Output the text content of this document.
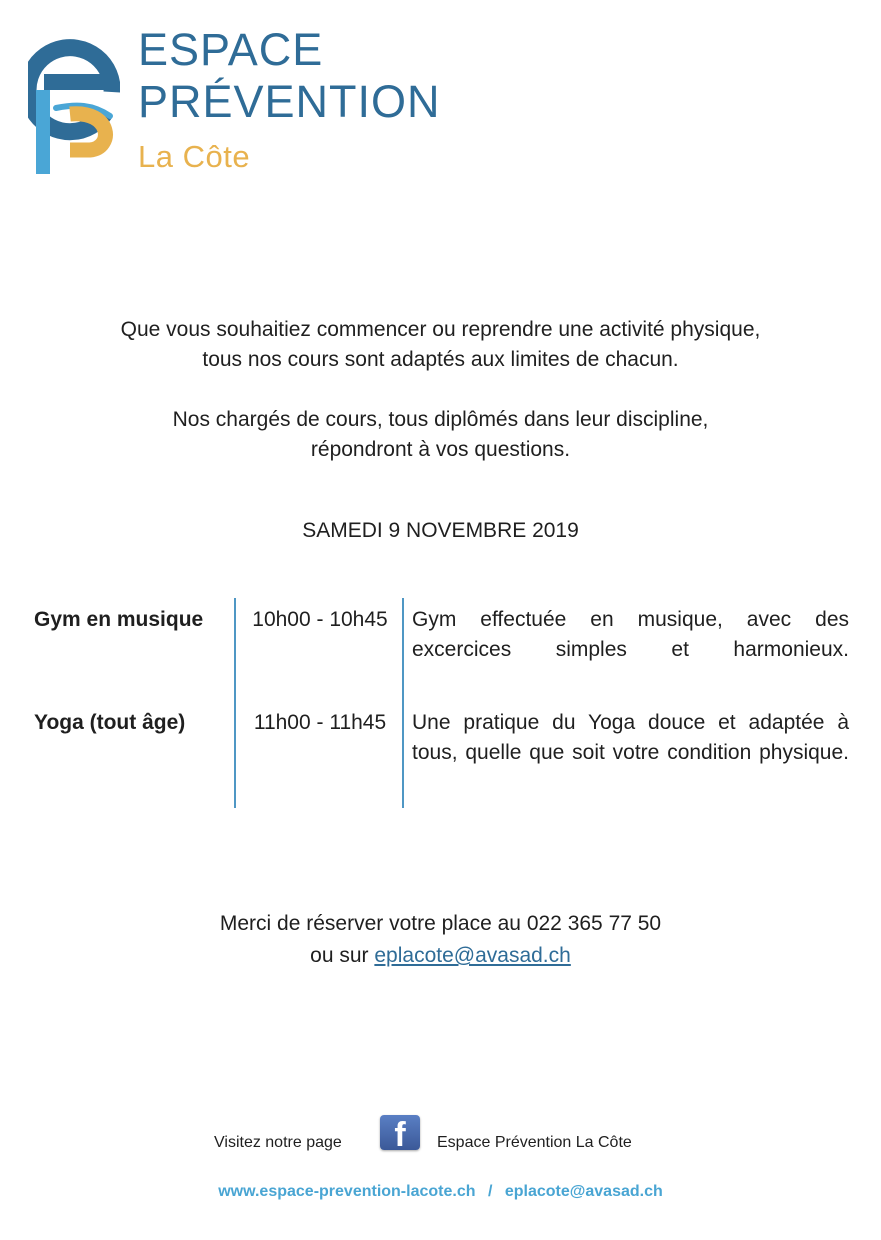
ESPACE
PRÉVENTION
La Côte

Que vous souhaitiez commencer ou reprendre une activité physique,

tous nos cours sont adaptés aux limites de chacun.

Nos chargés de cours, tous diplômés dans leur discipline,

répondront à vos questions.

SAMEDI 9 NOVEMBRE 2019
Gym en musique	10h00 - 10h45	Gym effectuée en musique, avec des excercices simples et harmonieux.
Yoga (tout âge)	11h00 - 11h45	Une pratique du Yoga douce et adaptée à tous, quelle que soit votre condition physique.

Merci de réserver votre place au 022 365 77 50

ou sur eplacote@avasad.ch

Visitez notre page	f	Espace Prévention La Côte
www.espace-prevention-lacote.ch / eplacote@avasad.ch
